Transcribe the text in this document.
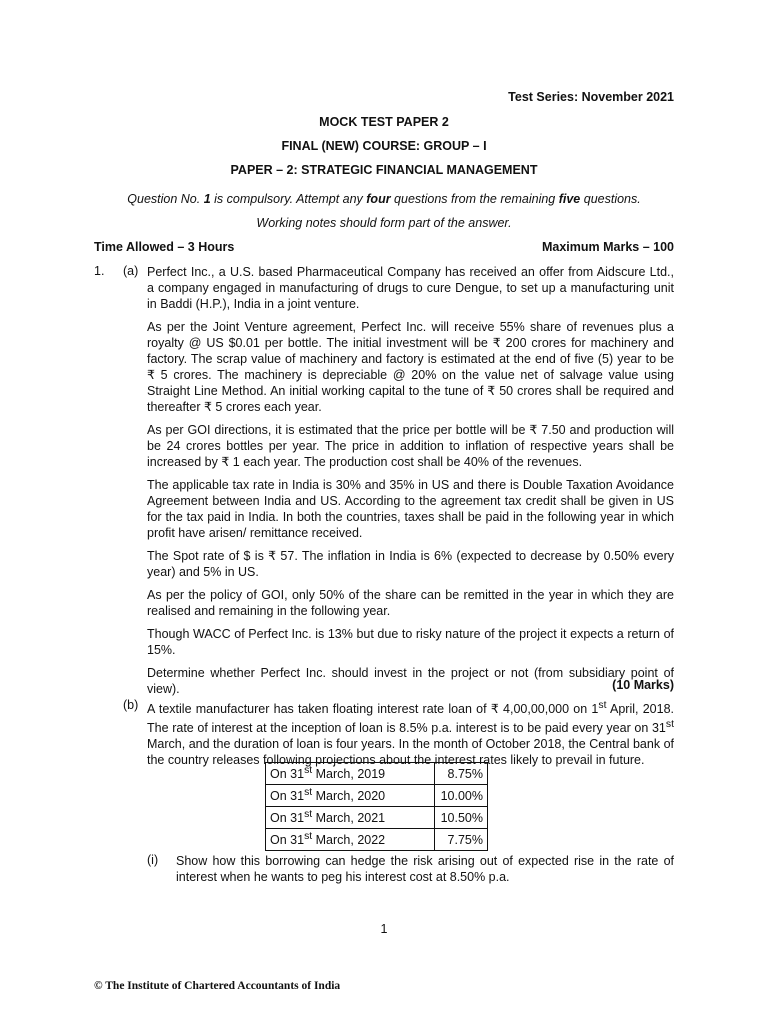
Test Series: November 2021
MOCK TEST PAPER 2
FINAL (NEW) COURSE: GROUP – I
PAPER – 2: STRATEGIC FINANCIAL MANAGEMENT
Question No. 1 is compulsory. Attempt any four questions from the remaining five questions.
Working notes should form part of the answer.
Time Allowed – 3 Hours	Maximum Marks – 100
1. (a) Perfect Inc., a U.S. based Pharmaceutical Company has received an offer from Aidscure Ltd., a company engaged in manufacturing of drugs to cure Dengue, to set up a manufacturing unit in Baddi (H.P.), India in a joint venture.

As per the Joint Venture agreement, Perfect Inc. will receive 55% share of revenues plus a royalty @ US $0.01 per bottle. The initial investment will be ₹ 200 crores for machinery and factory. The scrap value of machinery and factory is estimated at the end of five (5) year to be ₹ 5 crores. The machinery is depreciable @ 20% on the value net of salvage value using Straight Line Method. An initial working capital to the tune of ₹ 50 crores shall be required and thereafter ₹ 5 crores each year.

As per GOI directions, it is estimated that the price per bottle will be ₹ 7.50 and production will be 24 crores bottles per year. The price in addition to inflation of respective years shall be increased by ₹ 1 each year. The production cost shall be 40% of the revenues.

The applicable tax rate in India is 30% and 35% in US and there is Double Taxation Avoidance Agreement between India and US. According to the agreement tax credit shall be given in US for the tax paid in India. In both the countries, taxes shall be paid in the following year in which profit have arisen/ remittance received.

The Spot rate of $ is ₹ 57. The inflation in India is 6% (expected to decrease by 0.50% every year) and 5% in US.

As per the policy of GOI, only 50% of the share can be remitted in the year in which they are realised and remaining in the following year.

Though WACC of Perfect Inc. is 13% but due to risky nature of the project it expects a return of 15%.

Determine whether Perfect Inc. should invest in the project or not (from subsidiary point of view).	(10 Marks)
(b) A textile manufacturer has taken floating interest rate loan of ₹ 4,00,00,000 on 1st April, 2018. The rate of interest at the inception of loan is 8.5% p.a. interest is to be paid every year on 31st March, and the duration of loan is four years. In the month of October 2018, the Central bank of the country releases following projections about the interest rates likely to prevail in future.

On 31st March, 2019	8.75%
On 31st March, 2020	10.00%
On 31st March, 2021	10.50%
On 31st March, 2022	7.75%
(i) Show how this borrowing can hedge the risk arising out of expected rise in the rate of interest when he wants to peg his interest cost at 8.50% p.a.
1
© The Institute of Chartered Accountants of India
